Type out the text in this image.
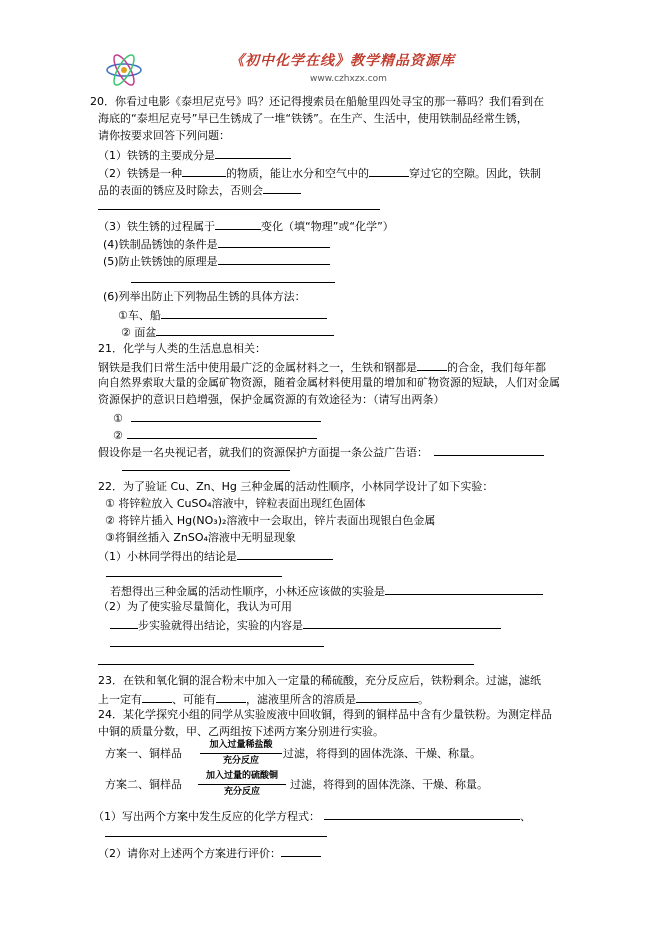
《初中化学在线》教学精品资源库
www.czhxzx.com
20．你看过电影《泰坦尼克号》吗？还记得搜索员在船舱里四处寻宝的那一幕吗？我们看到在
海底的“泰坦尼克号”早已生锈成了一堆“铁锈”。在生产、生活中，使用铁制品经常生锈，
请你按要求回答下列问题：
（1）铁锈的主要成分是
（2）铁锈是一种	的物质，能让水分和空气中的	穿过它的空隙。因此，铁制
品的表面的锈应及时除去，否则会
（3）铁生锈的过程属于	变化（填“物理”或“化学”）
(4)铁制品锈蚀的条件是
(5)防止铁锈蚀的原理是
(6)列举出防止下列物品生锈的具体方法：
①车、船
② 面盆
21．化学与人类的生活息息相关：
钢铁是我们日常生活中使用最广泛的金属材料之一，生铁和钢都是	的合金，我们每年都
向自然界索取大量的金属矿物资源，随着金属材料使用量的增加和矿物资源的短缺，人们对金属
资源保护的意识日趋增强，保护金属资源的有效途径为：（请写出两条）
①
②
假设你是一名央视记者，就我们的资源保护方面提一条公益广告语：
22．为了验证 Cu、Zn、Hg 三种金属的活动性顺序，小林同学设计了如下实验：
① 将锌粒放入 CuSO₄溶液中，锌粒表面出现红色固体
② 将锌片插入 Hg(NO₃)₂溶液中一会取出，锌片表面出现银白色金属
③将铜丝插入 ZnSO₄溶液中无明显现象
（1）小林同学得出的结论是
若想得出三种金属的活动性顺序，小林还应该做的实验是
（2）为了使实验尽量简化，我认为可用
步实验就得出结论，实验的内容是
23．在铁和氧化铜的混合粉末中加入一定量的稀硫酸，充分反应后，铁粉剩余。过滤，滤纸
上一定有	、可能有	，滤液里所含的溶质是	。
24．某化学探究小组的同学从实验废液中回收铜，得到的铜样品中含有少量铁粉。为测定样品
中铜的质量分数，甲、乙两组按下述两方案分别进行实验。
方案一、铜样品
加入过量稀盐酸
充分反应
过滤，将得到的固体洗涤、干燥、称量。
方案二、铜样品
加入过量的硫酸铜
充分反应
过滤，将得到的固体洗涤、干燥、称量。
（1）写出两个方案中发生反应的化学方程式：	、
（2）请你对上述两个方案进行评价：
